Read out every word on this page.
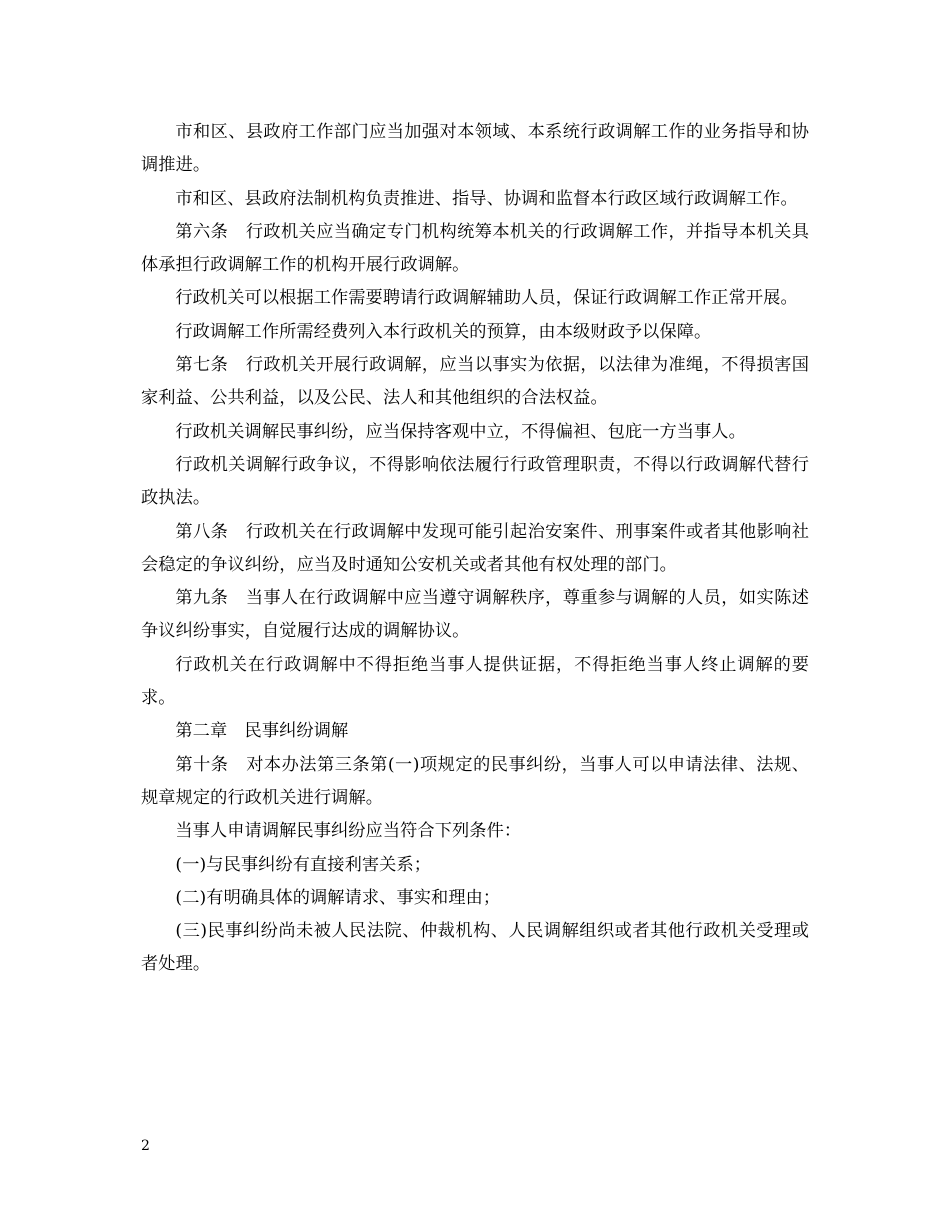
市和区、县政府工作部门应当加强对本领域、本系统行政调解工作的业务指导和协调推进。

市和区、县政府法制机构负责推进、指导、协调和监督本行政区域行政调解工作。

第六条　行政机关应当确定专门机构统筹本机关的行政调解工作，并指导本机关具体承担行政调解工作的机构开展行政调解。

行政机关可以根据工作需要聘请行政调解辅助人员，保证行政调解工作正常开展。

行政调解工作所需经费列入本行政机关的预算，由本级财政予以保障。

第七条　行政机关开展行政调解，应当以事实为依据，以法律为准绳，不得损害国家利益、公共利益，以及公民、法人和其他组织的合法权益。

行政机关调解民事纠纷，应当保持客观中立，不得偏袒、包庇一方当事人。

行政机关调解行政争议，不得影响依法履行行政管理职责，不得以行政调解代替行政执法。

第八条　行政机关在行政调解中发现可能引起治安案件、刑事案件或者其他影响社会稳定的争议纠纷，应当及时通知公安机关或者其他有权处理的部门。

第九条　当事人在行政调解中应当遵守调解秩序，尊重参与调解的人员，如实陈述争议纠纷事实，自觉履行达成的调解协议。

行政机关在行政调解中不得拒绝当事人提供证据，不得拒绝当事人终止调解的要求。

第二章　民事纠纷调解

第十条　对本办法第三条第(一)项规定的民事纠纷，当事人可以申请法律、法规、规章规定的行政机关进行调解。

当事人申请调解民事纠纷应当符合下列条件：

(一)与民事纠纷有直接利害关系；

(二)有明确具体的调解请求、事实和理由；

(三)民事纠纷尚未被人民法院、仲裁机构、人民调解组织或者其他行政机关受理或者处理。

2
